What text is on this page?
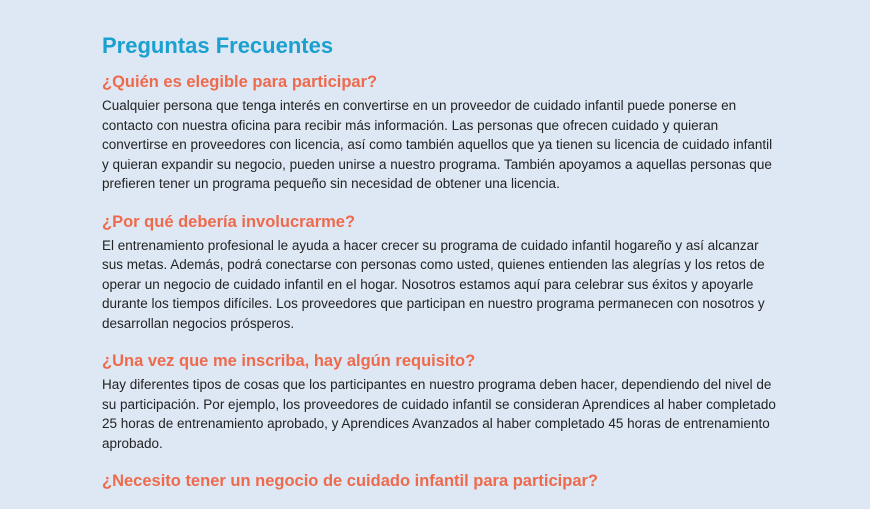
Preguntas Frecuentes
¿Quién es elegible para participar?

Cualquier persona que tenga interés en convertirse en un proveedor de cuidado infantil puede ponerse en contacto con nuestra oficina para recibir más información. Las personas que ofrecen cuidado y quieran convertirse en proveedores con licencia, así como también aquellos que ya tienen su licencia de cuidado infantil y quieran expandir su negocio, pueden unirse a nuestro programa. También apoyamos a aquellas personas que prefieren tener un programa pequeño sin necesidad de obtener una licencia.

¿Por qué debería involucrarme?

El entrenamiento profesional le ayuda a hacer crecer su programa de cuidado infantil hogareño y así alcanzar sus metas. Además, podrá conectarse con personas como usted, quienes entienden las alegrías y los retos de operar un negocio de cuidado infantil en el hogar. Nosotros estamos aquí para celebrar sus éxitos y apoyarle durante los tiempos difíciles. Los proveedores que participan en nuestro programa permanecen con nosotros y desarrollan negocios prósperos.

¿Una vez que me inscriba, hay algún requisito?

Hay diferentes tipos de cosas que los participantes en nuestro programa deben hacer, dependiendo del nivel de su participación. Por ejemplo, los proveedores de cuidado infantil se consideran Aprendices al haber completado 25 horas de entrenamiento aprobado, y Aprendices Avanzados al haber completado 45 horas de entrenamiento aprobado.

¿Necesito tener un negocio de cuidado infantil para participar?
